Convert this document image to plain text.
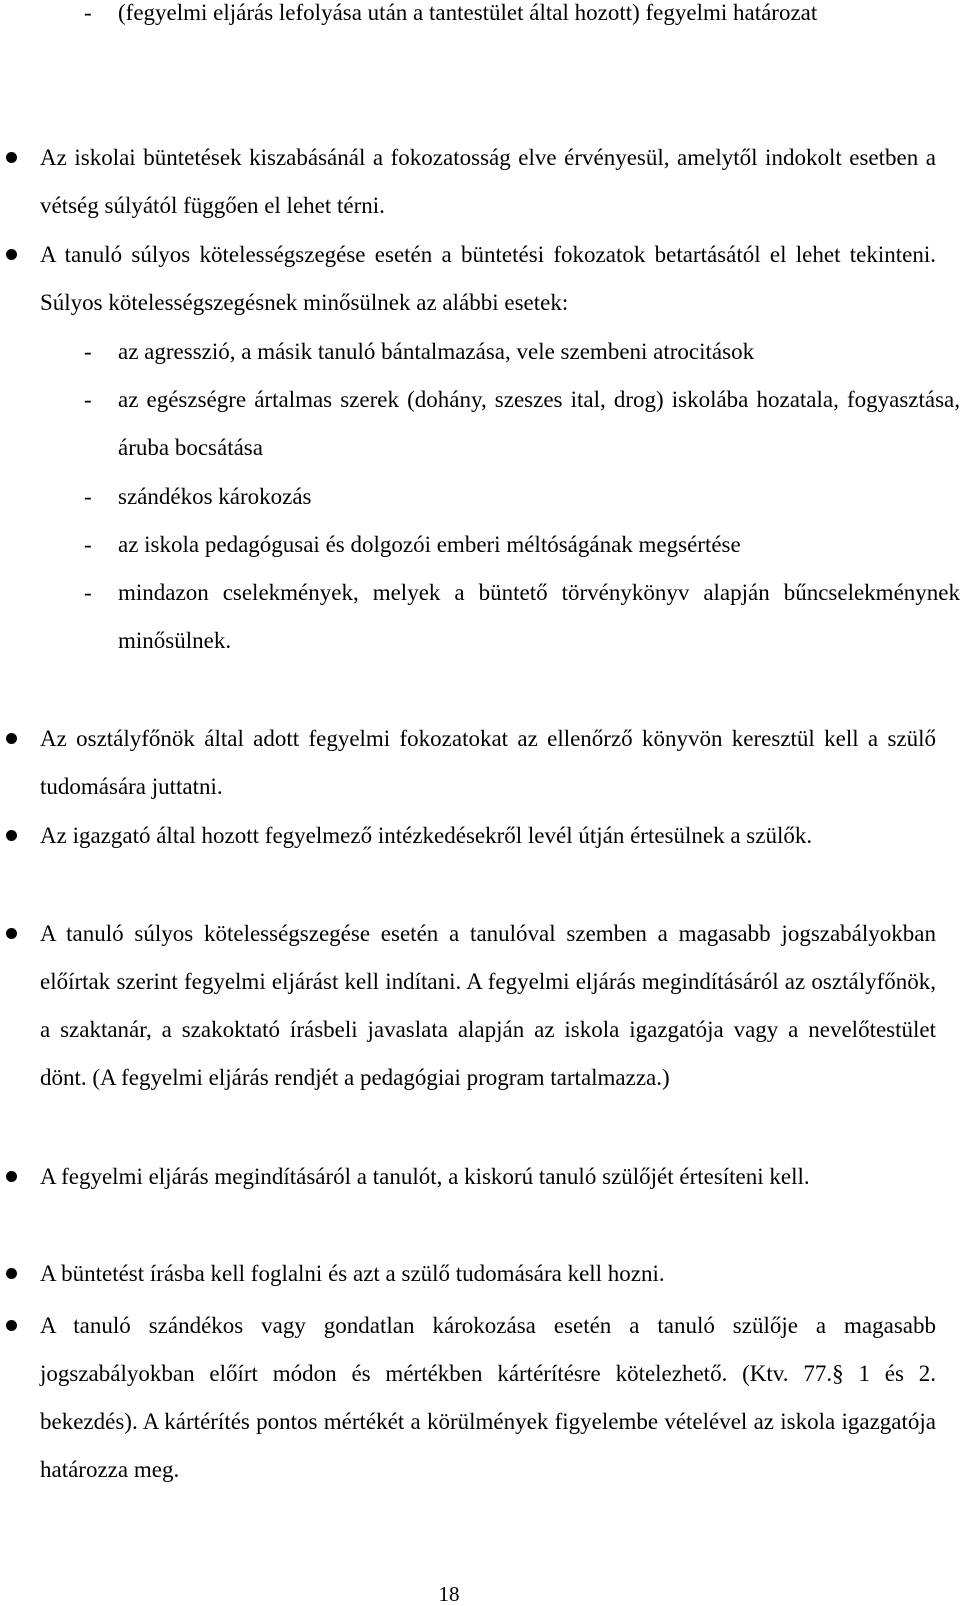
- (fegyelmi eljárás lefolyása után a tantestület által hozott) fegyelmi határozat
Az iskolai büntetések kiszabásánál a fokozatosság elve érvényesül, amelytől indokolt esetben a vétség súlyától függően el lehet térni.
A tanuló súlyos kötelességszegése esetén a büntetési fokozatok betartásától el lehet tekinteni. Súlyos kötelességszegésnek minősülnek az alábbi esetek:
- az agresszió, a másik tanuló bántalmazása, vele szembeni atrocitások
- az egészségre ártalmas szerek (dohány, szeszes ital, drog) iskolába hozatala, fogyasztása, áruba bocsátása
- szándékos károkozás
- az iskola pedagógusai és dolgozói emberi méltóságának megsértése
- mindazon cselekmények, melyek a büntető törvénykönyv alapján bűncselekménynek minősülnek.
Az osztályfőnök által adott fegyelmi fokozatokat az ellenőrző könyvön keresztül kell a szülő tudomására juttatni.
Az igazgató által hozott fegyelmező intézkedésekről levél útján értesülnek a szülők.
A tanuló súlyos kötelességszegése esetén a tanulóval szemben a magasabb jogszabályokban előírtak szerint fegyelmi eljárást kell indítani. A fegyelmi eljárás megindításáról az osztályfőnök, a szaktanár, a szakoktató írásbeli javaslata alapján az iskola igazgatója vagy a nevelőtestület dönt. (A fegyelmi eljárás rendjét a pedagógiai program tartalmazza.)
A fegyelmi eljárás megindításáról a tanulót, a kiskorú tanuló szülőjét értesíteni kell.
A büntetést írásba kell foglalni és azt a szülő tudomására kell hozni.
A tanuló szándékos vagy gondatlan károkozása esetén a tanuló szülője a magasabb jogszabályokban előírt módon és mértékben kártérítésre kötelezhető. (Ktv. 77.§ 1 és 2. bekezdés). A kártérítés pontos mértékét a körülmények figyelembe vételével az iskola igazgatója határozza meg.
18
